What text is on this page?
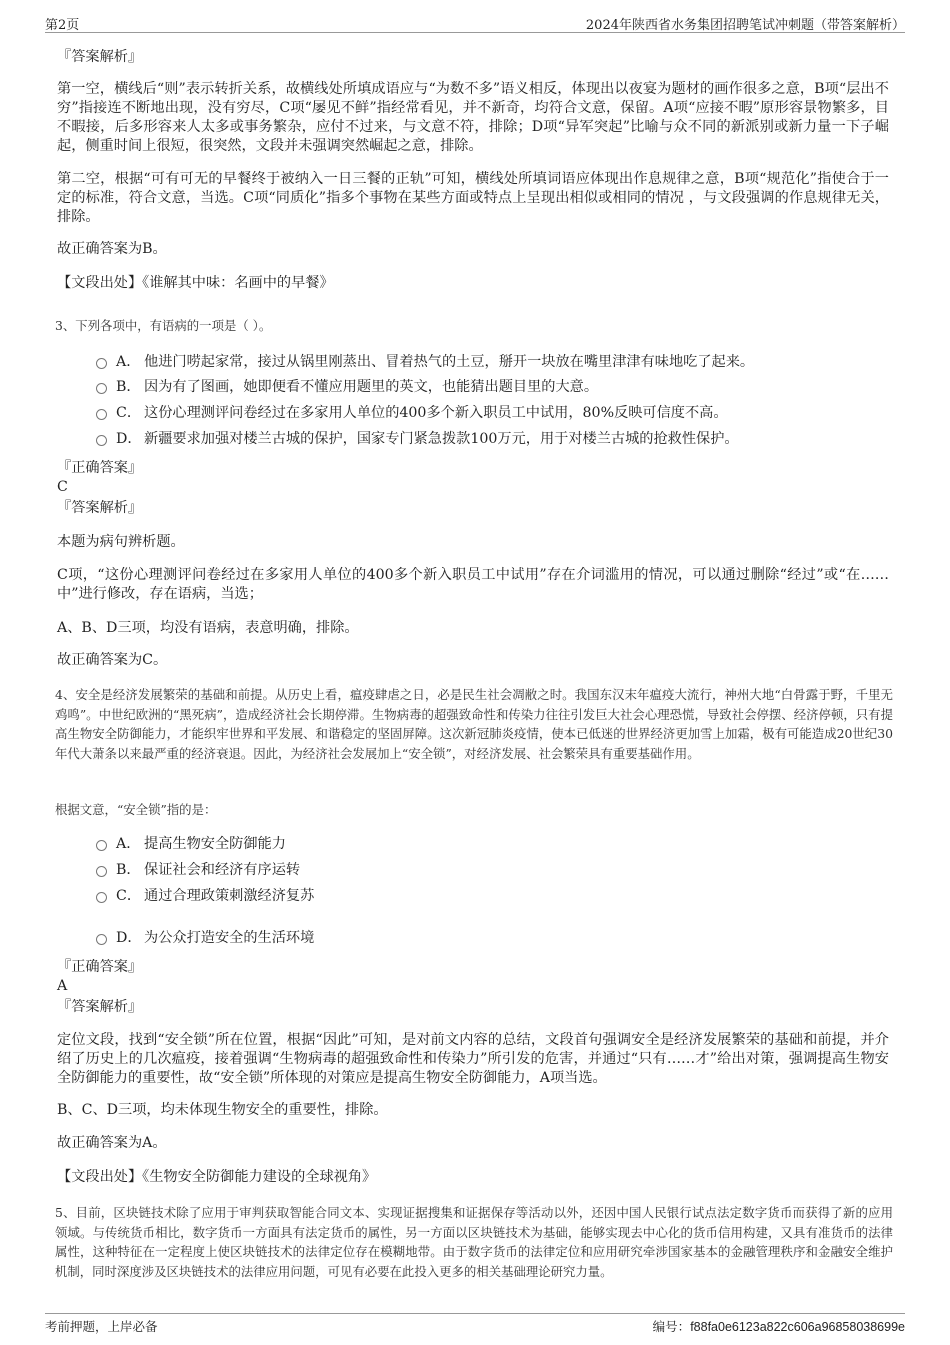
第2页	2024年陕西省水务集团招聘笔试冲刺题（带答案解析）
『答案解析』
第一空，横线后“则”表示转折关系，故横线处所填成语应与“为数不多”语义相反，体现出以夜宴为题材的画作很多之意，B项“层出不穷”指接连不断地出现，没有穷尽，C项“屡见不鲜”指经常看见，并不新奇，均符合文意，保留。A项“应接不暇”原形容景物繁多，目不暇接，后多形容来人太多或事务繁杂，应付不过来，与文意不符，排除；D项“异军突起”比喻与众不同的新派别或新力量一下子崛起，侧重时间上很短，很突然，文段并未强调突然崛起之意，排除。
第二空，根据“可有可无的早餐终于被纳入一日三餐的正轨”可知，横线处所填词语应体现出作息规律之意，B项“规范化”指使合于一定的标准，符合文意，当选。C项“同质化”指多个事物在某些方面或特点上呈现出相似或相同的情况 ，与文段强调的作息规律无关，排除。
故正确答案为B。
【文段出处】《谁解其中味：名画中的早餐》
3、下列各项中，有语病的一项是（ ）。
A． 他进门唠起家常，接过从锅里刚蒸出、冒着热气的土豆，掰开一块放在嘴里津津有味地吃了起来。
B． 因为有了图画，她即便看不懂应用题里的英文，也能猜出题目里的大意。
C． 这份心理测评问卷经过在多家用人单位的400多个新入职员工中试用，80%反映可信度不高。
D． 新疆要求加强对楼兰古城的保护，国家专门紧急拨款100万元，用于对楼兰古城的抢救性保护。
『正确答案』
C
『答案解析』
本题为病句辨析题。
C项，“这份心理测评问卷经过在多家用人单位的400多个新入职员工中试用”存在介词滥用的情况，可以通过删除“经过”或“在……中”进行修改，存在语病，当选；
A、B、D三项，均没有语病，表意明确，排除。
故正确答案为C。
4、安全是经济发展繁荣的基础和前提。从历史上看，瘟疫肆虐之日，必是民生社会凋敝之时。我国东汉末年瘟疫大流行，神州大地“白骨露于野，千里无鸡鸣”。中世纪欧洲的“黑死病”，造成经济社会长期停滞。生物病毒的超强致命性和传染力往往引发巨大社会心理恐慌，导致社会停摆、经济停顿，只有提高生物安全防御能力，才能织牢世界和平发展、和谐稳定的坚固屏障。这次新冠肺炎疫情，使本已低迷的世界经济更加雪上加霜，极有可能造成20世纪30年代大萧条以来最严重的经济衰退。因此，为经济社会发展加上“安全锁”，对经济发展、社会繁荣具有重要基础作用。
根据文意，“安全锁”指的是：
A． 提高生物安全防御能力
B． 保证社会和经济有序运转
C． 通过合理政策刺激经济复苏
D． 为公众打造安全的生活环境
『正确答案』
A
『答案解析』
定位文段，找到“安全锁”所在位置，根据“因此”可知，是对前文内容的总结，文段首句强调安全是经济发展繁荣的基础和前提，并介绍了历史上的几次瘟疫，接着强调“生物病毒的超强致命性和传染力”所引发的危害，并通过“只有……才”给出对策，强调提高生物安全防御能力的重要性，故“安全锁”所体现的对策应是提高生物安全防御能力，A项当选。
B、C、D三项，均未体现生物安全的重要性，排除。
故正确答案为A。
【文段出处】《生物安全防御能力建设的全球视角》
5、目前，区块链技术除了应用于审判获取智能合同文本、实现证据搜集和证据保存等活动以外，还因中国人民银行试点法定数字货币而获得了新的应用领域。与传统货币相比，数字货币一方面具有法定货币的属性，另一方面以区块链技术为基础，能够实现去中心化的货币信用构建，又具有准货币的法律属性，这种特征在一定程度上使区块链技术的法律定位存在模糊地带。由于数字货币的法律定位和应用研究牵涉国家基本的金融管理秩序和金融安全维护机制，同时深度涉及区块链技术的法律应用问题，可见有必要在此投入更多的相关基础理论研究力量。
考前押题，上岸必备	编号：f88fa0e6123a822c606a96858038699e
